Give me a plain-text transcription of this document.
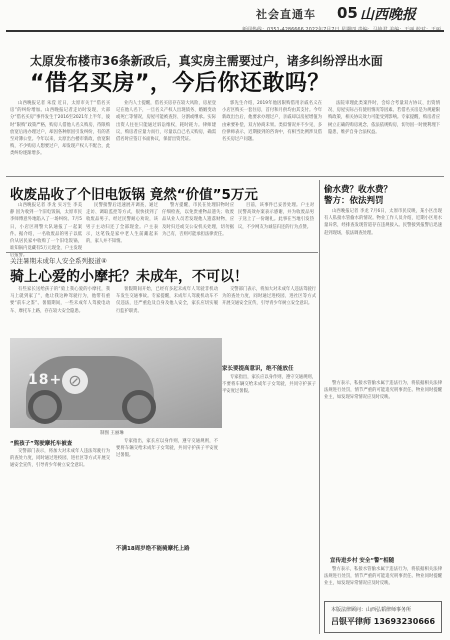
社会直通车 05 山西晚报
太原发布楼市36条新政后，真实房主需要过户，诸多纠纷浮出水面
“借名买房”，今后你还敢吗？

山西晚报记者 朱滢 近日，太原市关于“借名买房”的纠纷增加。山西晚报记者走访时发现，大部分“借名买房”事件发生于2016至2021年上半年，彼时“限购”政策严格，购房人借他人名义购房，待限购放宽后再办理过户，却因各种原因引发纠纷，有的甚至对簿公堂。今年以来，太原出台楼市新政，放宽限购，不少购房人想要过户，却发现产权人不配合，此类纠纷逐渐增多。

业内人士提醒，借名买房存在较大风险，房屋登记在他人名下，一旦名义产权人出现债务、婚姻变动或死亡等情况，房屋可能被查封、分割或继承。实际出资人往往只能通过诉讼维权，耗时耗力。律师建议，购房者应量力而行，尽量以自己名义购房，确需借名时应签订书面协议，保留出资凭证。

郭先生介绍，2019年他因限购借用亲戚名义在小店区购买一套住房，首付和月供均由其支付。今年新政出台后，他要求办理过户，亲戚却以房屋增值为由索要补偿，双方协商未果。类似情况并不少见，多位律师表示，近期接到的咨询中，有相当比例涉及借名买房过户问题。

法院审理此类案件时，会综合考量双方协议、出资情况、房屋实际占有使用情况等因素。若借名买房是为规避限购政策，相关协议效力可能受到影响。专家提醒，购房者应树立正确的购房观念，依法依规购房，切勿因一时便利埋下隐患，维护自身合法权益。

收废品收了个旧电饭锅 竟然“价值”5万元

山西晚报记者 李龙 实习生 李美静 因为收到一个旧电饭锅，太原市民李师傅意外地陷入了一场纠纷。7月5日，小店区刑警大队通报了一起案件。据介绍，一名收废品的男子以低价从居民家中收购了一个旧电饭锅，谁知锅内竟藏有5万元现金，户主发现后报警。

民警接警后迅速展开调查，通过走访、调取监控等方式，很快找到了收废品男子。经过民警耐心劝说，该男子主动归还了全部现金。户主表示，这笔钱是家中老人生前藏起来的，家人并不知情。

警方提醒，市民在处理旧物时应仔细检查，以免贵重物品遗失；收废品从业人员若发现他人遗落财物，应及时归还或交公安机关处理，切勿据为己有，否则可能承担法律责任。

目前，该事件已妥善处理。户主对民警高效办案表示感谢，并为收废品男子送上了一份谢礼。此事在当地引发热议，不少网友为诚信归还的行为点赞。

关注暑期未成年人安全系列报道④
骑上心爱的小摩托？未成年，不可以！

有些家长送给孩子的“骑上我心爱的小摩托，我马上就到家了”，他让我这种驾驶行为，他带有重要“前车之鉴”。暑假期间，一些未成年人驾驶电动车、摩托车上路，存在较大安全隐患。

暑假期间开始，已经有多起未成年人驾驶非机动车发生交通事故。专家提醒，未成年人驾驶机动车不仅违法，还严重危及自身及他人安全，家长应切实履行监护职责。

18+ ⊘
制图 王丽琳
“熊孩子”驾驶摩托车被查

交警部门表示，将加大对未成年人违法驾驶行为的查处力度，同时通过进校园、进社区等方式开展交通安全宣传，引导青少年树立安全意识。

不满18周岁绝不能骑摩托上路

专家指出，家长应以身作则，遵守交通规则，不要将车辆交给未成年子女驾驶，共同守护孩子平安度过暑假。

家长要提高意识，绝不能放任

交警部门表示，将加大对未成年人违法驾驶行为的查处力度，同时通过进校园、进社区等方式开展交通安全宣传，引导青少年树立安全意识。

专家指出，家长应以身作则，遵守交通规则，不要将车辆交给未成年子女驾驶，共同守护孩子平安度过暑假。

偷水费？收水费？
警方：依法判罚

山西晚报记者 李龙 7月6日，太原市民反映，某小区出现有人私接水管偷水的情况。物业工作人员介绍，近期小区用水量异常，经排查发现管道存在违规接入。民警接到报警后迅速赶到现场，依法调查处理。

警方表示，私接水管偷水属于违法行为，将依据相关法律法规进行处罚，情节严重的可能追究刑事责任。物业同时提醒业主，如发现异常情况应及时反映。

宣传进乡村 安全“警”相随

警方表示，私接水管偷水属于违法行为，将依据相关法律法规进行处罚，情节严重的可能追究刑事责任。物业同时提醒业主，如发现异常情况应及时反映。

本版法律顾问：山西弘韬律师事务所
吕银平律师 13693230666
